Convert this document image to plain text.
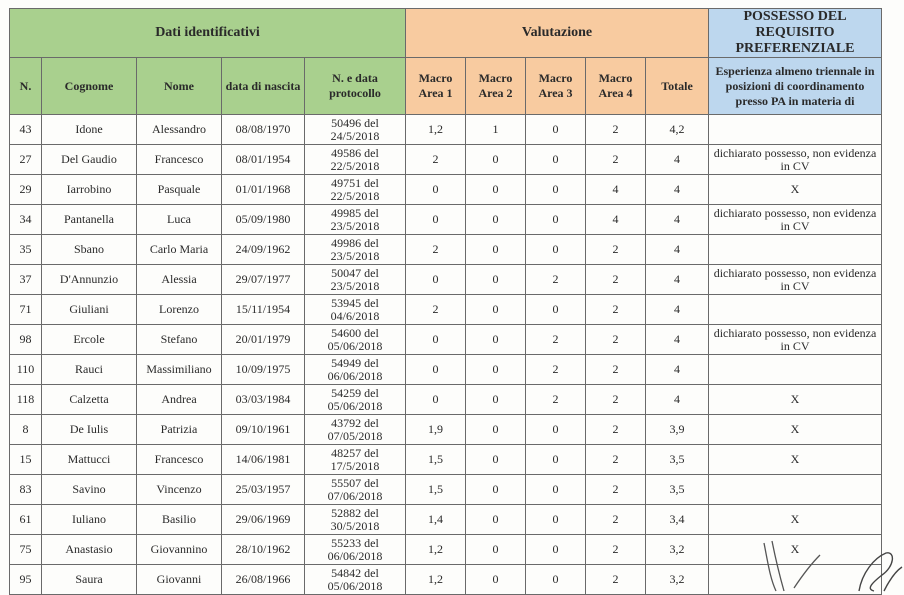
Dati identificativi					Valutazione					POSSESSO DEL REQUISITO PREFERENZIALE
N.	Cognome	Nome	data di nascita	N. e data protocollo	Macro Area 1	Macro Area 2	Macro Area 3	Macro Area 4	Totale	Esperienza almeno triennale in posizioni di coordinamento presso PA in materia di
43	Idone	Alessandro	08/08/1970	50496 del 24/5/2018	1,2	1	0	2	4,2	
27	Del Gaudio	Francesco	08/01/1954	49586 del 22/5/2018	2	0	0	2	4	dichiarato possesso, non evidenza in CV
29	Iarrobino	Pasquale	01/01/1968	49751 del 22/5/2018	0	0	0	4	4	X
34	Pantanella	Luca	05/09/1980	49985 del 23/5/2018	0	0	0	4	4	dichiarato possesso, non evidenza in CV
35	Sbano	Carlo Maria	24/09/1962	49986 del 23/5/2018	2	0	0	2	4	
37	D'Annunzio	Alessia	29/07/1977	50047 del 23/5/2018	0	0	2	2	4	dichiarato possesso, non evidenza in CV
71	Giuliani	Lorenzo	15/11/1954	53945 del 04/6/2018	2	0	0	2	4	
98	Ercole	Stefano	20/01/1979	54600 del 05/06/2018	0	0	2	2	4	dichiarato possesso, non evidenza in CV
110	Rauci	Massimiliano	10/09/1975	54949 del 06/06/2018	0	0	2	2	4	
118	Calzetta	Andrea	03/03/1984	54259 del 05/06/2018	0	0	2	2	4	X
8	De Iulis	Patrizia	09/10/1961	43792 del 07/05/2018	1,9	0	0	2	3,9	X
15	Mattucci	Francesco	14/06/1981	48257 del 17/5/2018	1,5	0	0	2	3,5	X
83	Savino	Vincenzo	25/03/1957	55507 del 07/06/2018	1,5	0	0	2	3,5	
61	Iuliano	Basilio	29/06/1969	52882 del 30/5/2018	1,4	0	0	2	3,4	X
75	Anastasio	Giovannino	28/10/1962	55233 del 06/06/2018	1,2	0	0	2	3,2	X
95	Saura	Giovanni	26/08/1966	54842 del 05/06/2018	1,2	0	0	2	3,2	
